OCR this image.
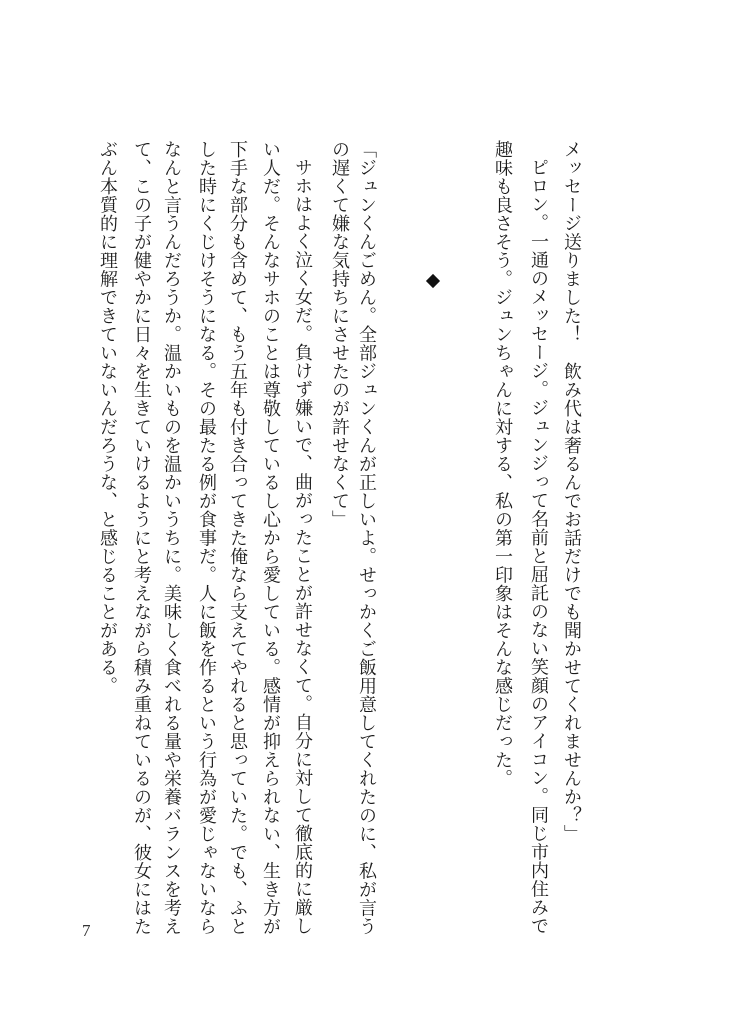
メッセージ送りました！　飲み代は奢るんでお話だけでも聞かせてくれませんか？」
ピロン。一通のメッセージ。ジュンジって名前と屈託のない笑顔のアイコン。同じ市内住みで
趣味も良さそう。ジュンちゃんに対する、私の第一印象はそんな感じだった。
「ジュンくんごめん。全部ジュンくんが正しいよ。せっかくご飯用意してくれたのに、私が言う
の遅くて嫌な気持ちにさせたのが許せなくて」
サホはよく泣く女だ。負けず嫌いで、曲がったことが許せなくて。自分に対して徹底的に厳し
い人だ。そんなサホのことは尊敬しているし心から愛している。感情が抑えられない、生き方が
下手な部分も含めて、もう五年も付き合ってきた俺なら支えてやれると思っていた。でも、ふと
した時にくじけそうになる。その最たる例が食事だ。人に飯を作るという行為が愛じゃないなら
なんと言うんだろうか。温かいものを温かいうちに。美味しく食べれる量や栄養バランスを考え
て、この子が健やかに日々を生きていけるようにと考えながら積み重ねているのが、彼女にはた
ぶん本質的に理解できていないんだろうな、と感じることがある。
7
